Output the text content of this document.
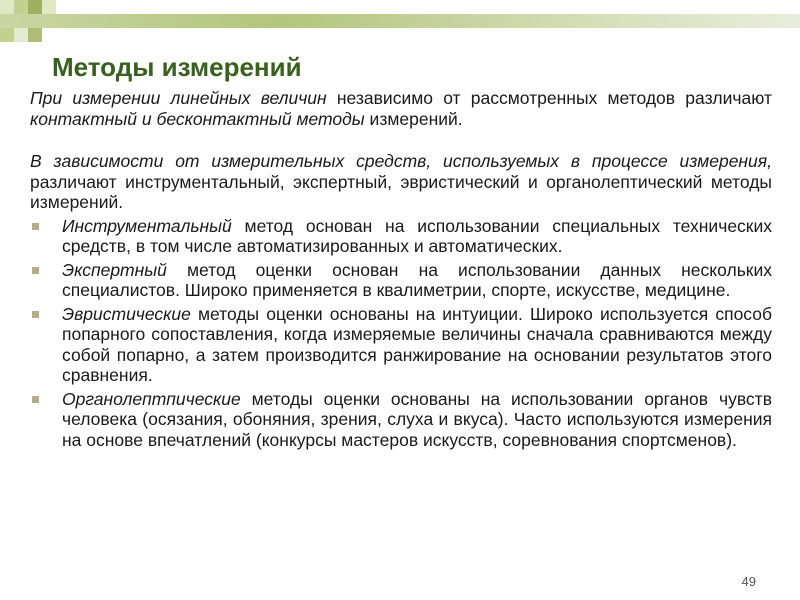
Методы измерений

При измерении линейных величин независимо от рассмотренных методов различают контактный и бесконтактный методы измерений.

В зависимости от измерительных средств, используемых в процессе измерения, различают инструментальный, экспертный, эвристический и органолептический методы измерений.

Инструментальный метод основан на использовании специальных технических средств, в том числе автоматизированных и автоматических.
Экспертный метод оценки основан на использовании данных нескольких специалистов. Широко применяется в квалиметрии, спорте, искусстве, медицине.
Эвристические методы оценки основаны на интуиции. Широко используется способ попарного сопоставления, когда измеряемые величины сначала сравниваются между собой попарно, а затем производится ранжирование на основании результатов этого сравнения.
Органолептпические методы оценки основаны на использовании органов чувств человека (осязания, обоняния, зрения, слуха и вкуса). Часто используются измерения на основе впечатлений (конкурсы мастеров искусств, соревнования спортсменов).
49
